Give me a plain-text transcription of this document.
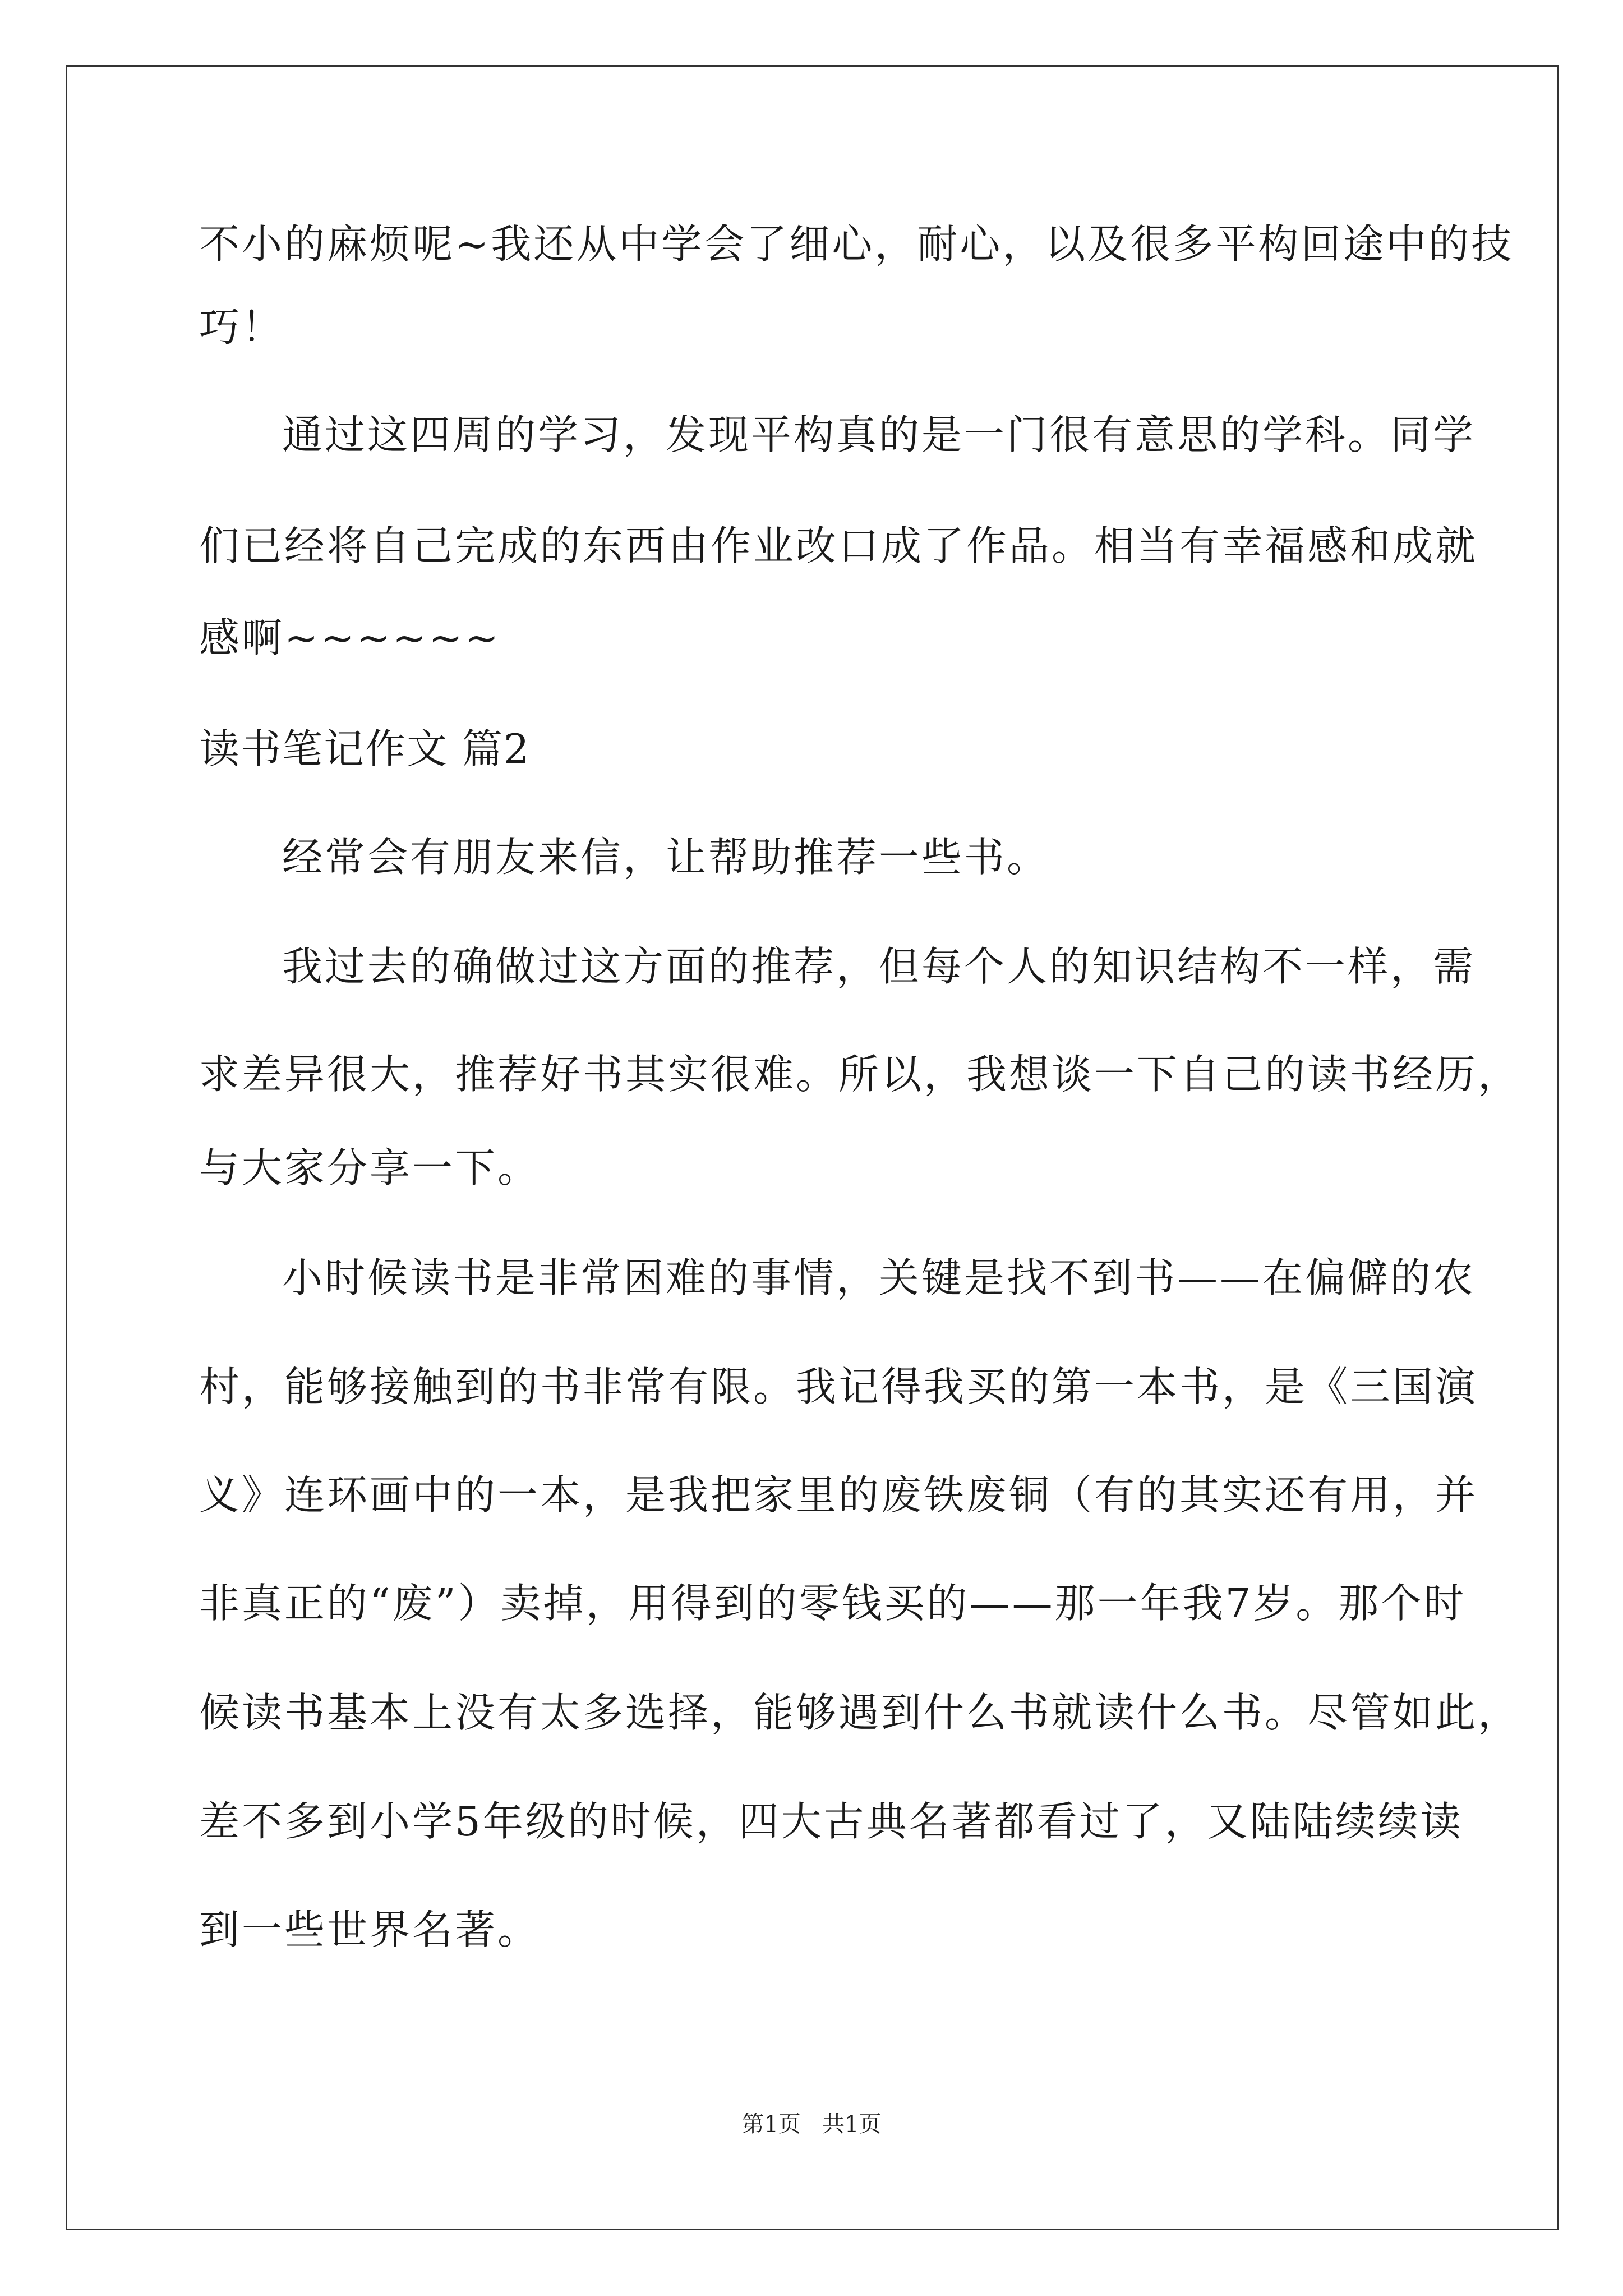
不小的麻烦呢~我还从中学会了细心，耐心，以及很多平构回途中的技
巧！
通过这四周的学习，发现平构真的是一门很有意思的学科。同学
们已经将自己完成的东西由作业改口成了作品。相当有幸福感和成就
感啊~~~~~~
读书笔记作文 篇2
经常会有朋友来信，让帮助推荐一些书。
我过去的确做过这方面的推荐，但每个人的知识结构不一样，需
求差异很大，推荐好书其实很难。所以，我想谈一下自己的读书经历，
与大家分享一下。
小时候读书是非常困难的事情，关键是找不到书——在偏僻的农
村，能够接触到的书非常有限。我记得我买的第一本书，是《三国演
义》连环画中的一本，是我把家里的废铁废铜（有的其实还有用，并
非真正的“废”）卖掉，用得到的零钱买的——那一年我7岁。那个时
候读书基本上没有太多选择，能够遇到什么书就读什么书。尽管如此，
差不多到小学5年级的时候，四大古典名著都看过了，又陆陆续续读
到一些世界名著。
第1页   共1页
